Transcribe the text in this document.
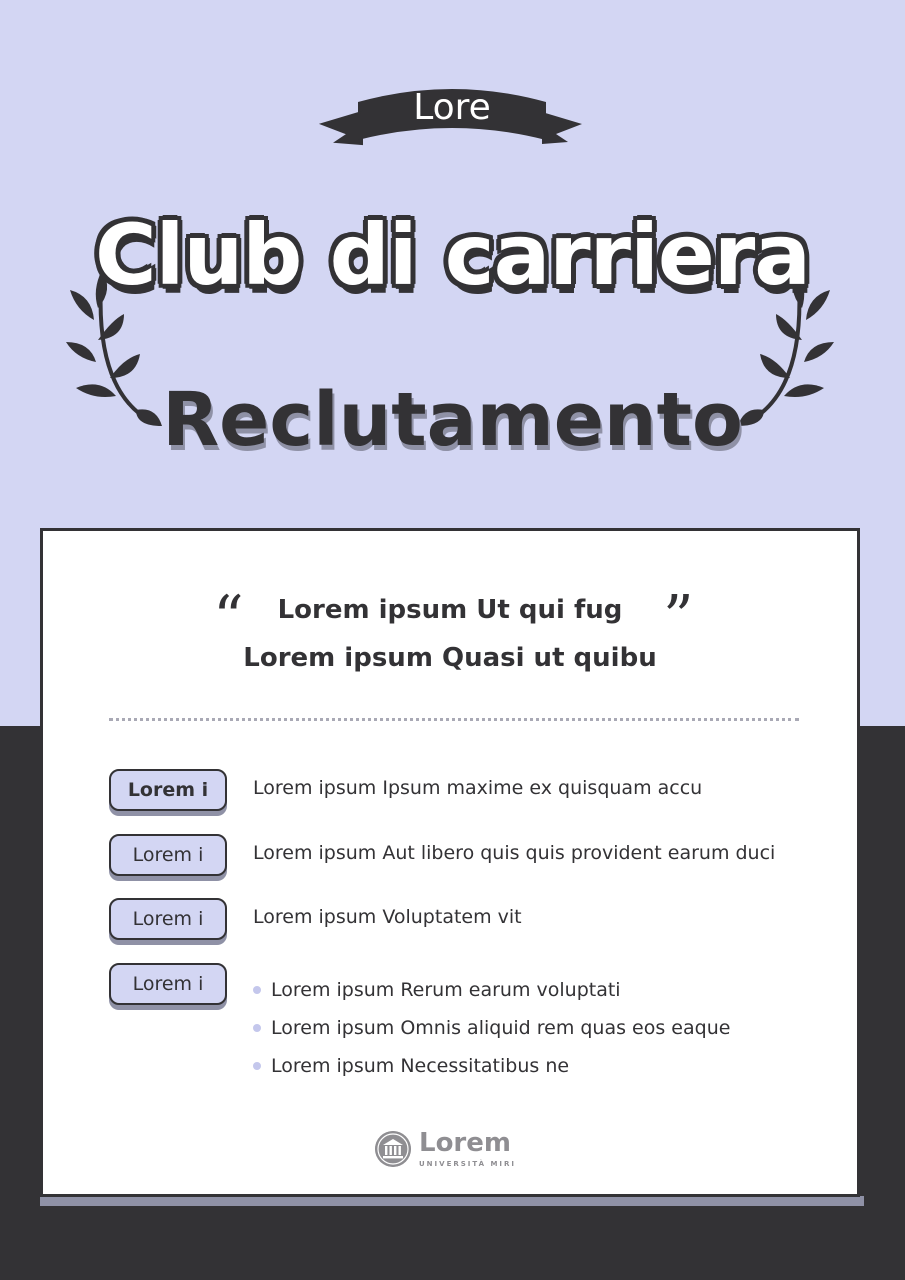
Lore
Club di carriera
Reclutamento
“	”
Lorem ipsum Ut qui fug
Lorem ipsum Quasi ut quibu
Lorem i	Lorem ipsum Ipsum maxime ex quisquam accu
Lorem i	Lorem ipsum Aut libero quis quis provident earum duci
Lorem i	Lorem ipsum Voluptatem vit
Lorem i	Lorem ipsum Rerum earum voluptati
Lorem ipsum Omnis aliquid rem quas eos eaque
Lorem ipsum Necessitatibus ne
Lorem
UNIVERSITÀ MIRI
